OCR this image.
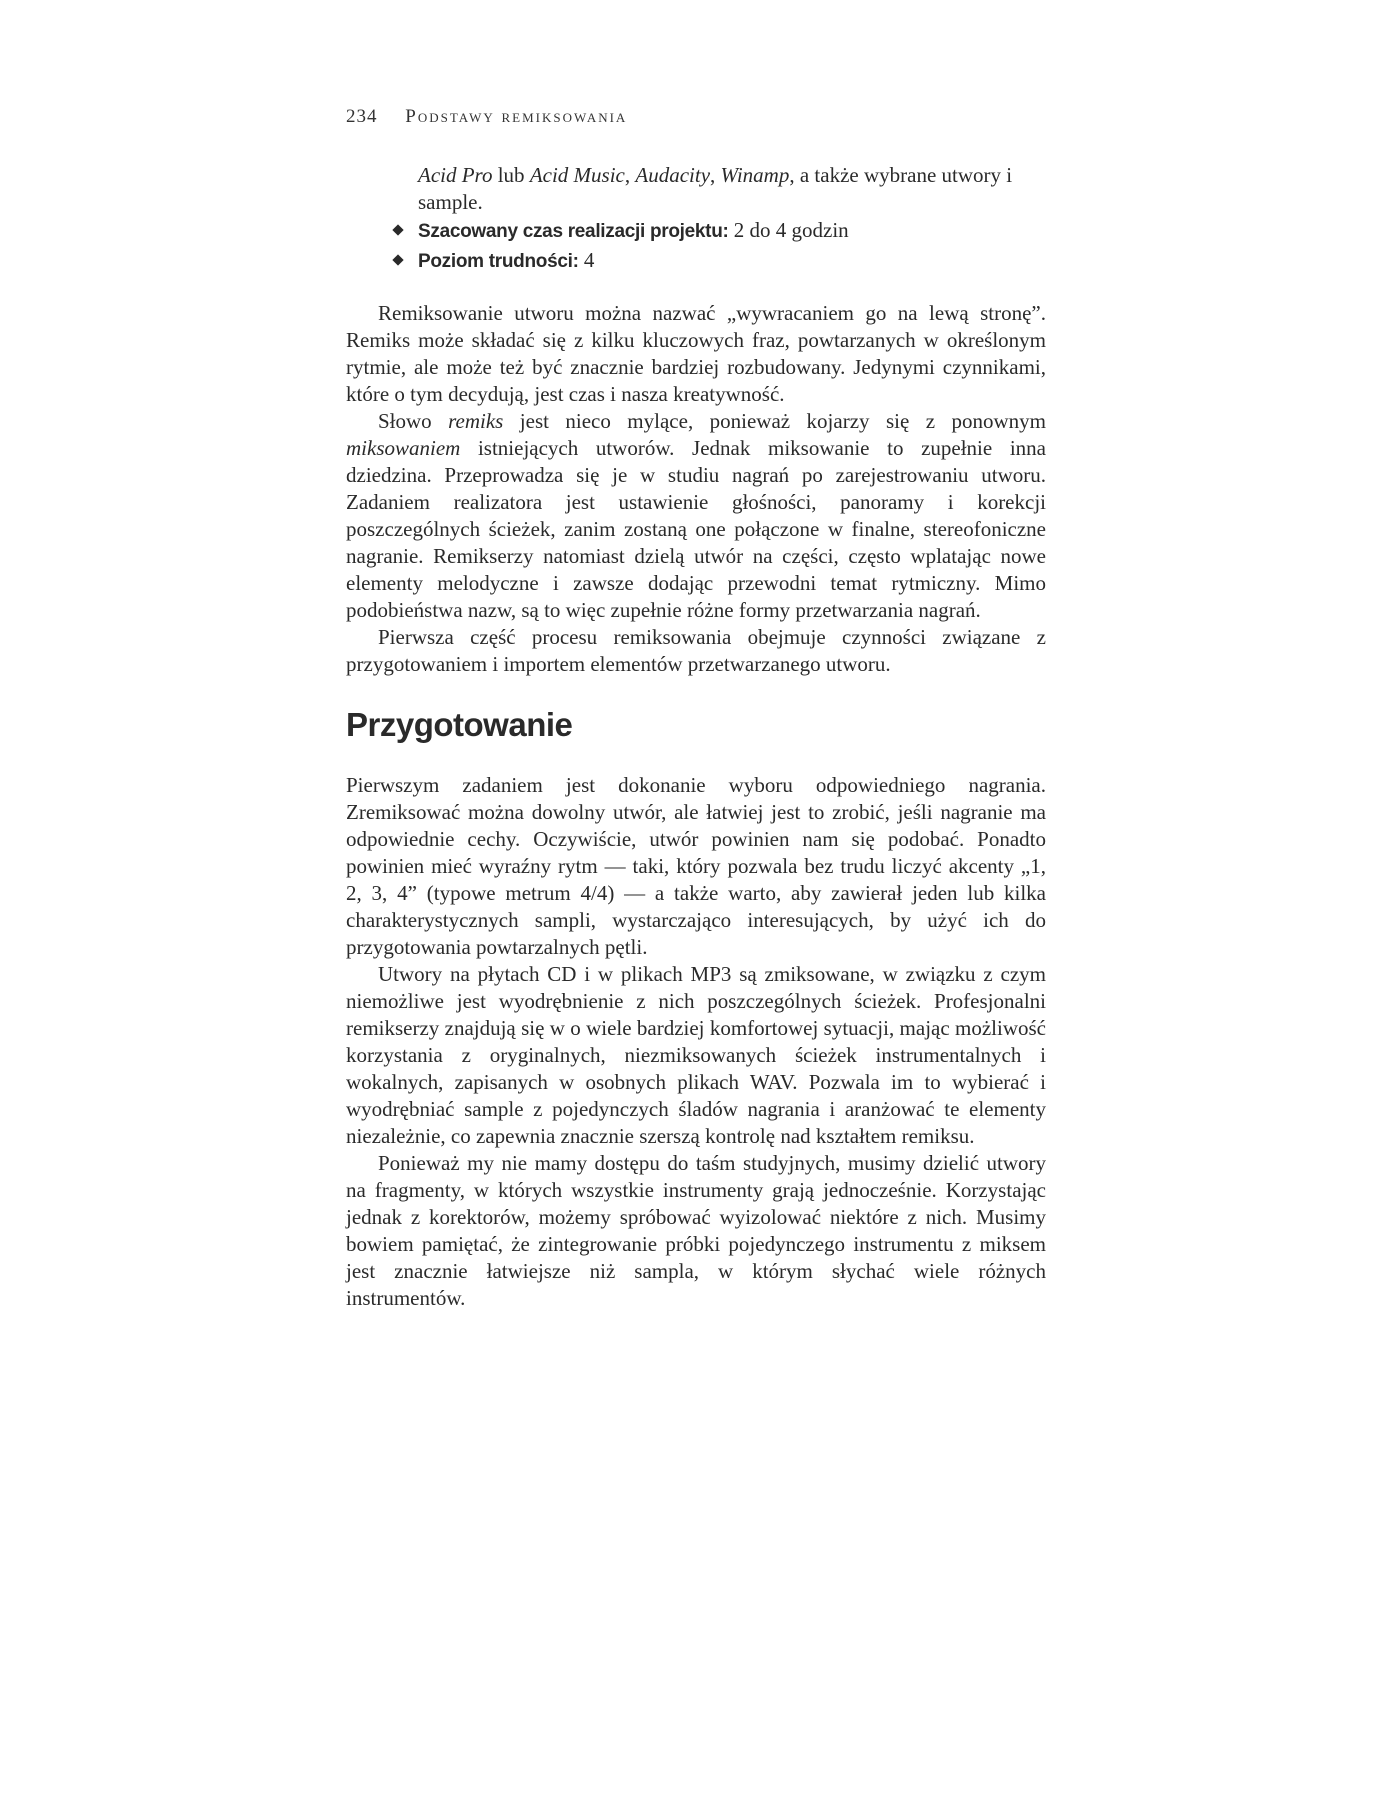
234 Podstawy remiksowania
Acid Pro lub Acid Music, Audacity, Winamp, a także wybrane utwory i sample.
Szacowany czas realizacji projektu: 2 do 4 godzin
Poziom trudności: 4

Remiksowanie utworu można nazwać „wywracaniem go na lewą stronę”. Remiks może składać się z kilku kluczowych fraz, powtarzanych w określonym rytmie, ale może też być znacznie bardziej rozbudowany. Jedynymi czynnikami, które o tym decydują, jest czas i nasza kreatywność.

Słowo remiks jest nieco mylące, ponieważ kojarzy się z ponownym miksowaniem istniejących utworów. Jednak miksowanie to zupełnie inna dziedzina. Przeprowadza się je w studiu nagrań po zarejestrowaniu utworu. Zadaniem realizatora jest ustawienie głośności, panoramy i korekcji poszczególnych ścieżek, zanim zostaną one połączone w finalne, stereofoniczne nagranie. Remikserzy natomiast dzielą utwór na części, często wplatając nowe elementy melodyczne i zawsze dodając przewodni temat rytmiczny. Mimo podobieństwa nazw, są to więc zupełnie różne formy przetwarzania nagrań.

Pierwsza część procesu remiksowania obejmuje czynności związane z przygotowaniem i importem elementów przetwarzanego utworu.

Przygotowanie

Pierwszym zadaniem jest dokonanie wyboru odpowiedniego nagrania. Zremiksować można dowolny utwór, ale łatwiej jest to zrobić, jeśli nagranie ma odpowiednie cechy. Oczywiście, utwór powinien nam się podobać. Ponadto powinien mieć wyraźny rytm — taki, który pozwala bez trudu liczyć akcenty „1, 2, 3, 4” (typowe metrum 4/4) — a także warto, aby zawierał jeden lub kilka charakterystycznych sampli, wystarczająco interesujących, by użyć ich do przygotowania powtarzalnych pętli.

Utwory na płytach CD i w plikach MP3 są zmiksowane, w związku z czym niemożliwe jest wyodrębnienie z nich poszczególnych ścieżek. Profesjonalni remikserzy znajdują się w o wiele bardziej komfortowej sytuacji, mając możliwość korzystania z oryginalnych, niezmiksowanych ścieżek instrumentalnych i wokalnych, zapisanych w osobnych plikach WAV. Pozwala im to wybierać i wyodrębniać sample z pojedynczych śladów nagrania i aranżować te elementy niezależnie, co zapewnia znacznie szerszą kontrolę nad kształtem remiksu.

Ponieważ my nie mamy dostępu do taśm studyjnych, musimy dzielić utwory na fragmenty, w których wszystkie instrumenty grają jednocześnie. Korzystając jednak z korektorów, możemy spróbować wyizolować niektóre z nich. Musimy bowiem pamiętać, że zintegrowanie próbki pojedynczego instrumentu z miksem jest znacznie łatwiejsze niż sampla, w którym słychać wiele różnych instrumentów.
